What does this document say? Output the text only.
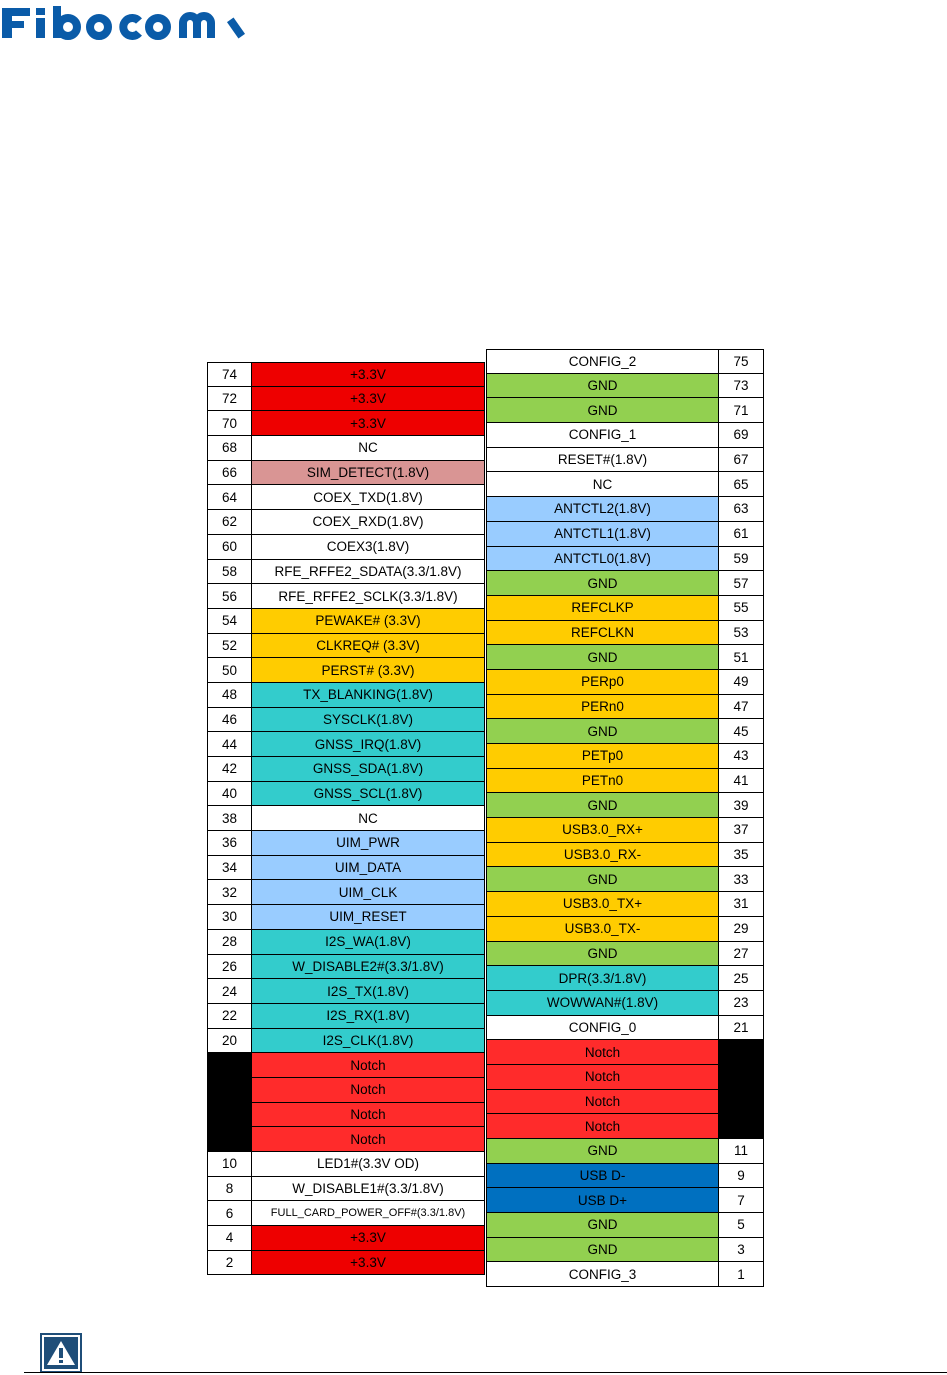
74	+3.3V
72	+3.3V
70	+3.3V
68	NC
66	SIM_DETECT(1.8V)
64	COEX_TXD(1.8V)
62	COEX_RXD(1.8V)
60	COEX3(1.8V)
58	RFE_RFFE2_SDATA(3.3/1.8V)
56	RFE_RFFE2_SCLK(3.3/1.8V)
54	PEWAKE# (3.3V)
52	CLKREQ# (3.3V)
50	PERST# (3.3V)
48	TX_BLANKING(1.8V)
46	SYSCLK(1.8V)
44	GNSS_IRQ(1.8V)
42	GNSS_SDA(1.8V)
40	GNSS_SCL(1.8V)
38	NC
36	UIM_PWR
34	UIM_DATA
32	UIM_CLK
30	UIM_RESET
28	I2S_WA(1.8V)
26	W_DISABLE2#(3.3/1.8V)
24	I2S_TX(1.8V)
22	I2S_RX(1.8V)
20	I2S_CLK(1.8V)
Notch
Notch
Notch
Notch
10	LED1#(3.3V OD)
8	W_DISABLE1#(3.3/1.8V)
6	FULL_CARD_POWER_OFF#(3.3/1.8V)
4	+3.3V
2	+3.3V
CONFIG_2	75
GND	73
GND	71
CONFIG_1	69
RESET#(1.8V)	67
NC	65
ANTCTL2(1.8V)	63
ANTCTL1(1.8V)	61
ANTCTL0(1.8V)	59
GND	57
REFCLKP	55
REFCLKN	53
GND	51
PERp0	49
PERn0	47
GND	45
PETp0	43
PETn0	41
GND	39
USB3.0_RX+	37
USB3.0_RX-	35
GND	33
USB3.0_TX+	31
USB3.0_TX-	29
GND	27
DPR(3.3/1.8V)	25
WOWWAN#(1.8V)	23
CONFIG_0	21
Notch
Notch
Notch
Notch
GND	11
USB D-	9
USB D+	7
GND	5
GND	3
CONFIG_3	1
